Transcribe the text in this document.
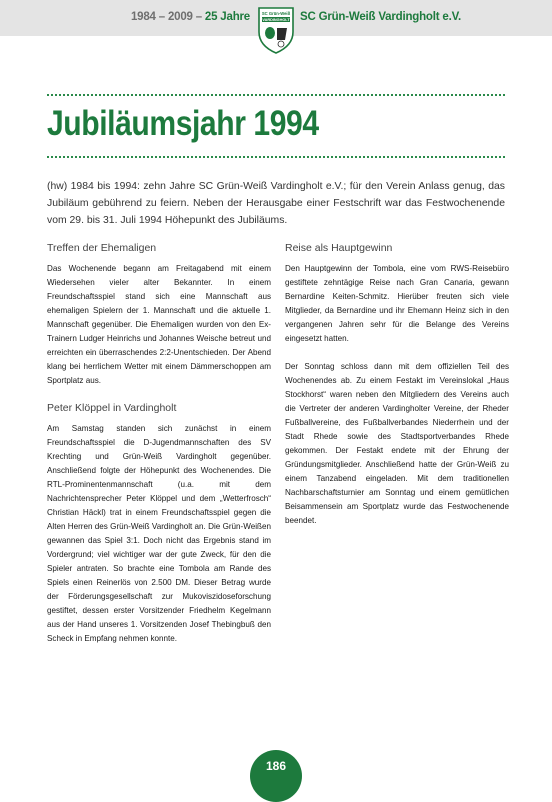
1984 – 2009 – 25 Jahre	SC Grün-Weiß Vardingholt e.V.
SC Grün-Weiß
VARDINGHOLT
Jubiläumsjahr 1994

(hw) 1984 bis 1994: zehn Jahre SC Grün-Weiß Vardingholt e.V.; für den Verein Anlass genug, das Jubiläum gebührend zu feiern. Neben der Herausgabe einer Festschrift war das Festwochenende vom 29. bis 31. Juli 1994 Höhepunkt des Jubiläums.

Treffen der Ehemaligen

Das Wochenende begann am Freitagabend mit einem Wiedersehen vieler alter Bekannter. In einem Freundschaftsspiel stand sich eine Mannschaft aus ehemaligen Spielern der 1. Mannschaft und die aktuelle 1. Mannschaft gegenüber. Die Ehemaligen wurden von den Ex-Trainern Ludger Heinrichs und Johannes Weische betreut und erreichten ein überraschendes 2:2-Unentschieden. Der Abend klang bei herrlichem Wetter mit einem Dämmerschoppen am Sportplatz aus.

Peter Klöppel in Vardingholt

Am Samstag standen sich zunächst in einem Freundschaftsspiel die D-Jugendmannschaften des SV Krechting und Grün-Weiß Vardingholt gegenüber. Anschließend folgte der Höhepunkt des Wochenendes. Die RTL-Prominentenmannschaft (u.a. mit dem Nachrichtensprecher Peter Klöppel und dem „Wetterfrosch“ Christian Häckl) trat in einem Freundschaftsspiel gegen die Alten Herren des Grün-Weiß Vardingholt an. Die Grün-Weißen gewannen das Spiel 3:1. Doch nicht das Ergebnis stand im Vordergrund; viel wichtiger war der gute Zweck, für den die Spieler antraten. So brachte eine Tombola am Rande des Spiels einen Reinerlös von 2.500 DM. Dieser Betrag wurde der Förderungsgesellschaft zur Mukoviszidoseforschung gestiftet, dessen erster Vorsitzender Friedhelm Kegelmann aus der Hand unseres 1. Vorsitzenden Josef Thebingbuß den Scheck in Empfang nehmen konnte.

Reise als Hauptgewinn

Den Hauptgewinn der Tombola, eine vom RWS-Reisebüro gestiftete zehntägige Reise nach Gran Canaria, gewann Bernardine Keiten-Schmitz. Hierüber freuten sich viele Mitglieder, da Bernardine und ihr Ehemann Heinz sich in den vergangenen Jahren sehr für die Belange des Vereins eingesetzt hatten.

Der Sonntag schloss dann mit dem offiziellen Teil des Wochenendes ab. Zu einem Festakt im Vereinslokal „Haus Stockhorst“ waren neben den Mitgliedern des Vereins auch die Vertreter der anderen Vardingholter Vereine, der Rheder Fußballvereine, des Fußballverbandes Niederrhein und der Stadt Rhede sowie des Stadtsportverbandes Rhede gekommen. Der Festakt endete mit der Ehrung der Gründungsmitglieder. Anschließend hatte der Grün-Weiß zu einem Tanzabend eingeladen. Mit dem traditionellen Nachbarschaftsturnier am Sonntag und einem gemütlichen Beisammensein am Sportplatz wurde das Festwochenende beendet.

186
